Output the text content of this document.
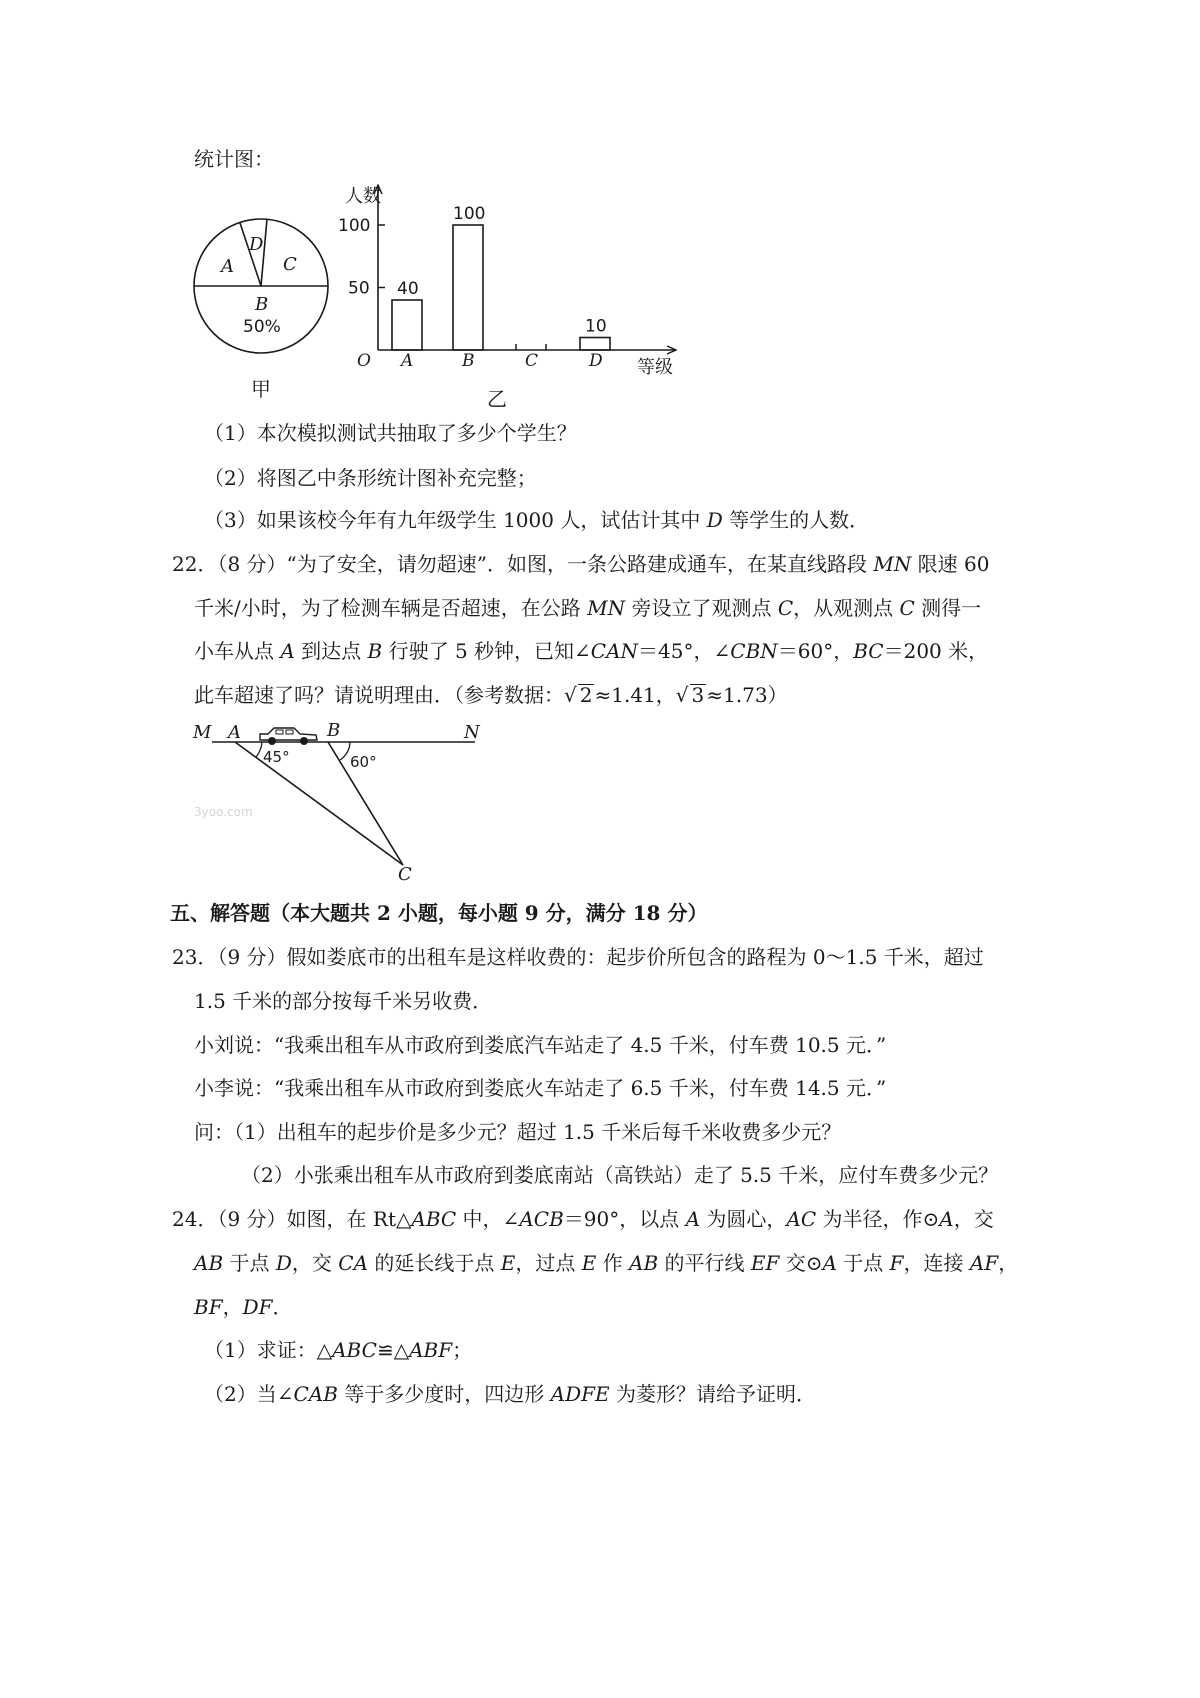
统计图：
A
D
C
B
50%
甲
人数
O	等级
乙
50
100
A	B	C	D
40
100
10
（1）本次模拟测试共抽取了多少个学生？
（2）将图乙中条形统计图补充完整；
（3）如果该校今年有九年级学生 1000 人，试估计其中 D 等学生的人数．
22．（8 分）“为了安全，请勿超速”．如图，一条公路建成通车，在某直线路段 MN 限速 60
千米/小时，为了检测车辆是否超速，在公路 MN 旁设立了观测点 C，从观测点 C 测得一
小车从点 A 到达点 B 行驶了 5 秒钟，已知∠CAN＝45°，∠CBN＝60°，BC＝200 米，
此车超速了吗？请说明理由．（参考数据：√ 2 ≈1.41，√ 3 ≈1.73）
M A	B	N
C
45°	60°
3yoo.com
五、解答题（本大题共 2 小题，每小题 9 分，满分 18 分）
23．（9 分）假如娄底市的出租车是这样收费的：起步价所包含的路程为 0～1.5 千米，超过
1.5 千米的部分按每千米另收费．
小刘说：“我乘出租车从市政府到娄底汽车站走了 4.5 千米，付车费 10.5 元．”
小李说：“我乘出租车从市政府到娄底火车站走了 6.5 千米，付车费 14.5 元．”
问：（1）出租车的起步价是多少元？超过 1.5 千米后每千米收费多少元？
（2）小张乘出租车从市政府到娄底南站（高铁站）走了 5.5 千米，应付车费多少元？
24．（9 分）如图，在 Rt△ABC 中，∠ACB＝90°，以点 A 为圆心，AC 为半径，作⊙A，交
AB 于点 D，交 CA 的延长线于点 E，过点 E 作 AB 的平行线 EF 交⊙A 于点 F，连接 AF，
BF，DF．
（1）求证：△ABC≌△ABF；
（2）当∠CAB 等于多少度时，四边形 ADFE 为菱形？请给予证明．
